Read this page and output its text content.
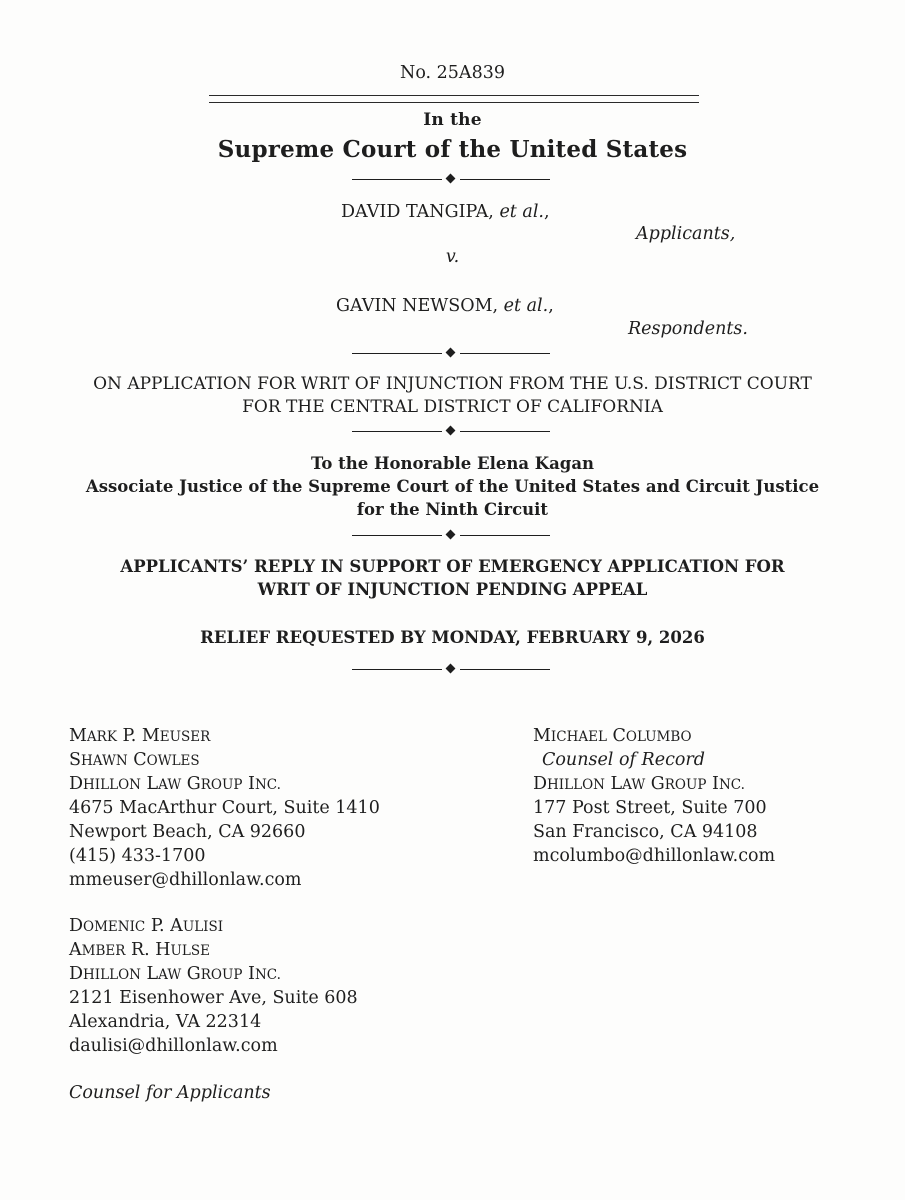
No. 25A839
In the
Supreme Court of the United States
DAVID TANGIPA, et al.,
Applicants,
v.
GAVIN NEWSOM, et al.,
Respondents.
ON APPLICATION FOR WRIT OF INJUNCTION FROM THE U.S. DISTRICT COURT
FOR THE CENTRAL DISTRICT OF CALIFORNIA
To the Honorable Elena Kagan
Associate Justice of the Supreme Court of the United States and Circuit Justice
for the Ninth Circuit
APPLICANTS’ REPLY IN SUPPORT OF EMERGENCY APPLICATION FOR
WRIT OF INJUNCTION PENDING APPEAL
RELIEF REQUESTED BY MONDAY, FEBRUARY 9, 2026
MARK P. MEUSER
SHAWN COWLES
DHILLON LAW GROUP INC.
4675 MacArthur Court, Suite 1410
Newport Beach, CA 92660
(415) 433-1700
mmeuser@dhillonlaw.com
DOMENIC P. AULISI
AMBER R. HULSE
DHILLON LAW GROUP INC.
2121 Eisenhower Ave, Suite 608
Alexandria, VA 22314
daulisi@dhillonlaw.com
Counsel for Applicants
MICHAEL COLUMBO
Counsel of Record
DHILLON LAW GROUP INC.
177 Post Street, Suite 700
San Francisco, CA 94108
mcolumbo@dhillonlaw.com
